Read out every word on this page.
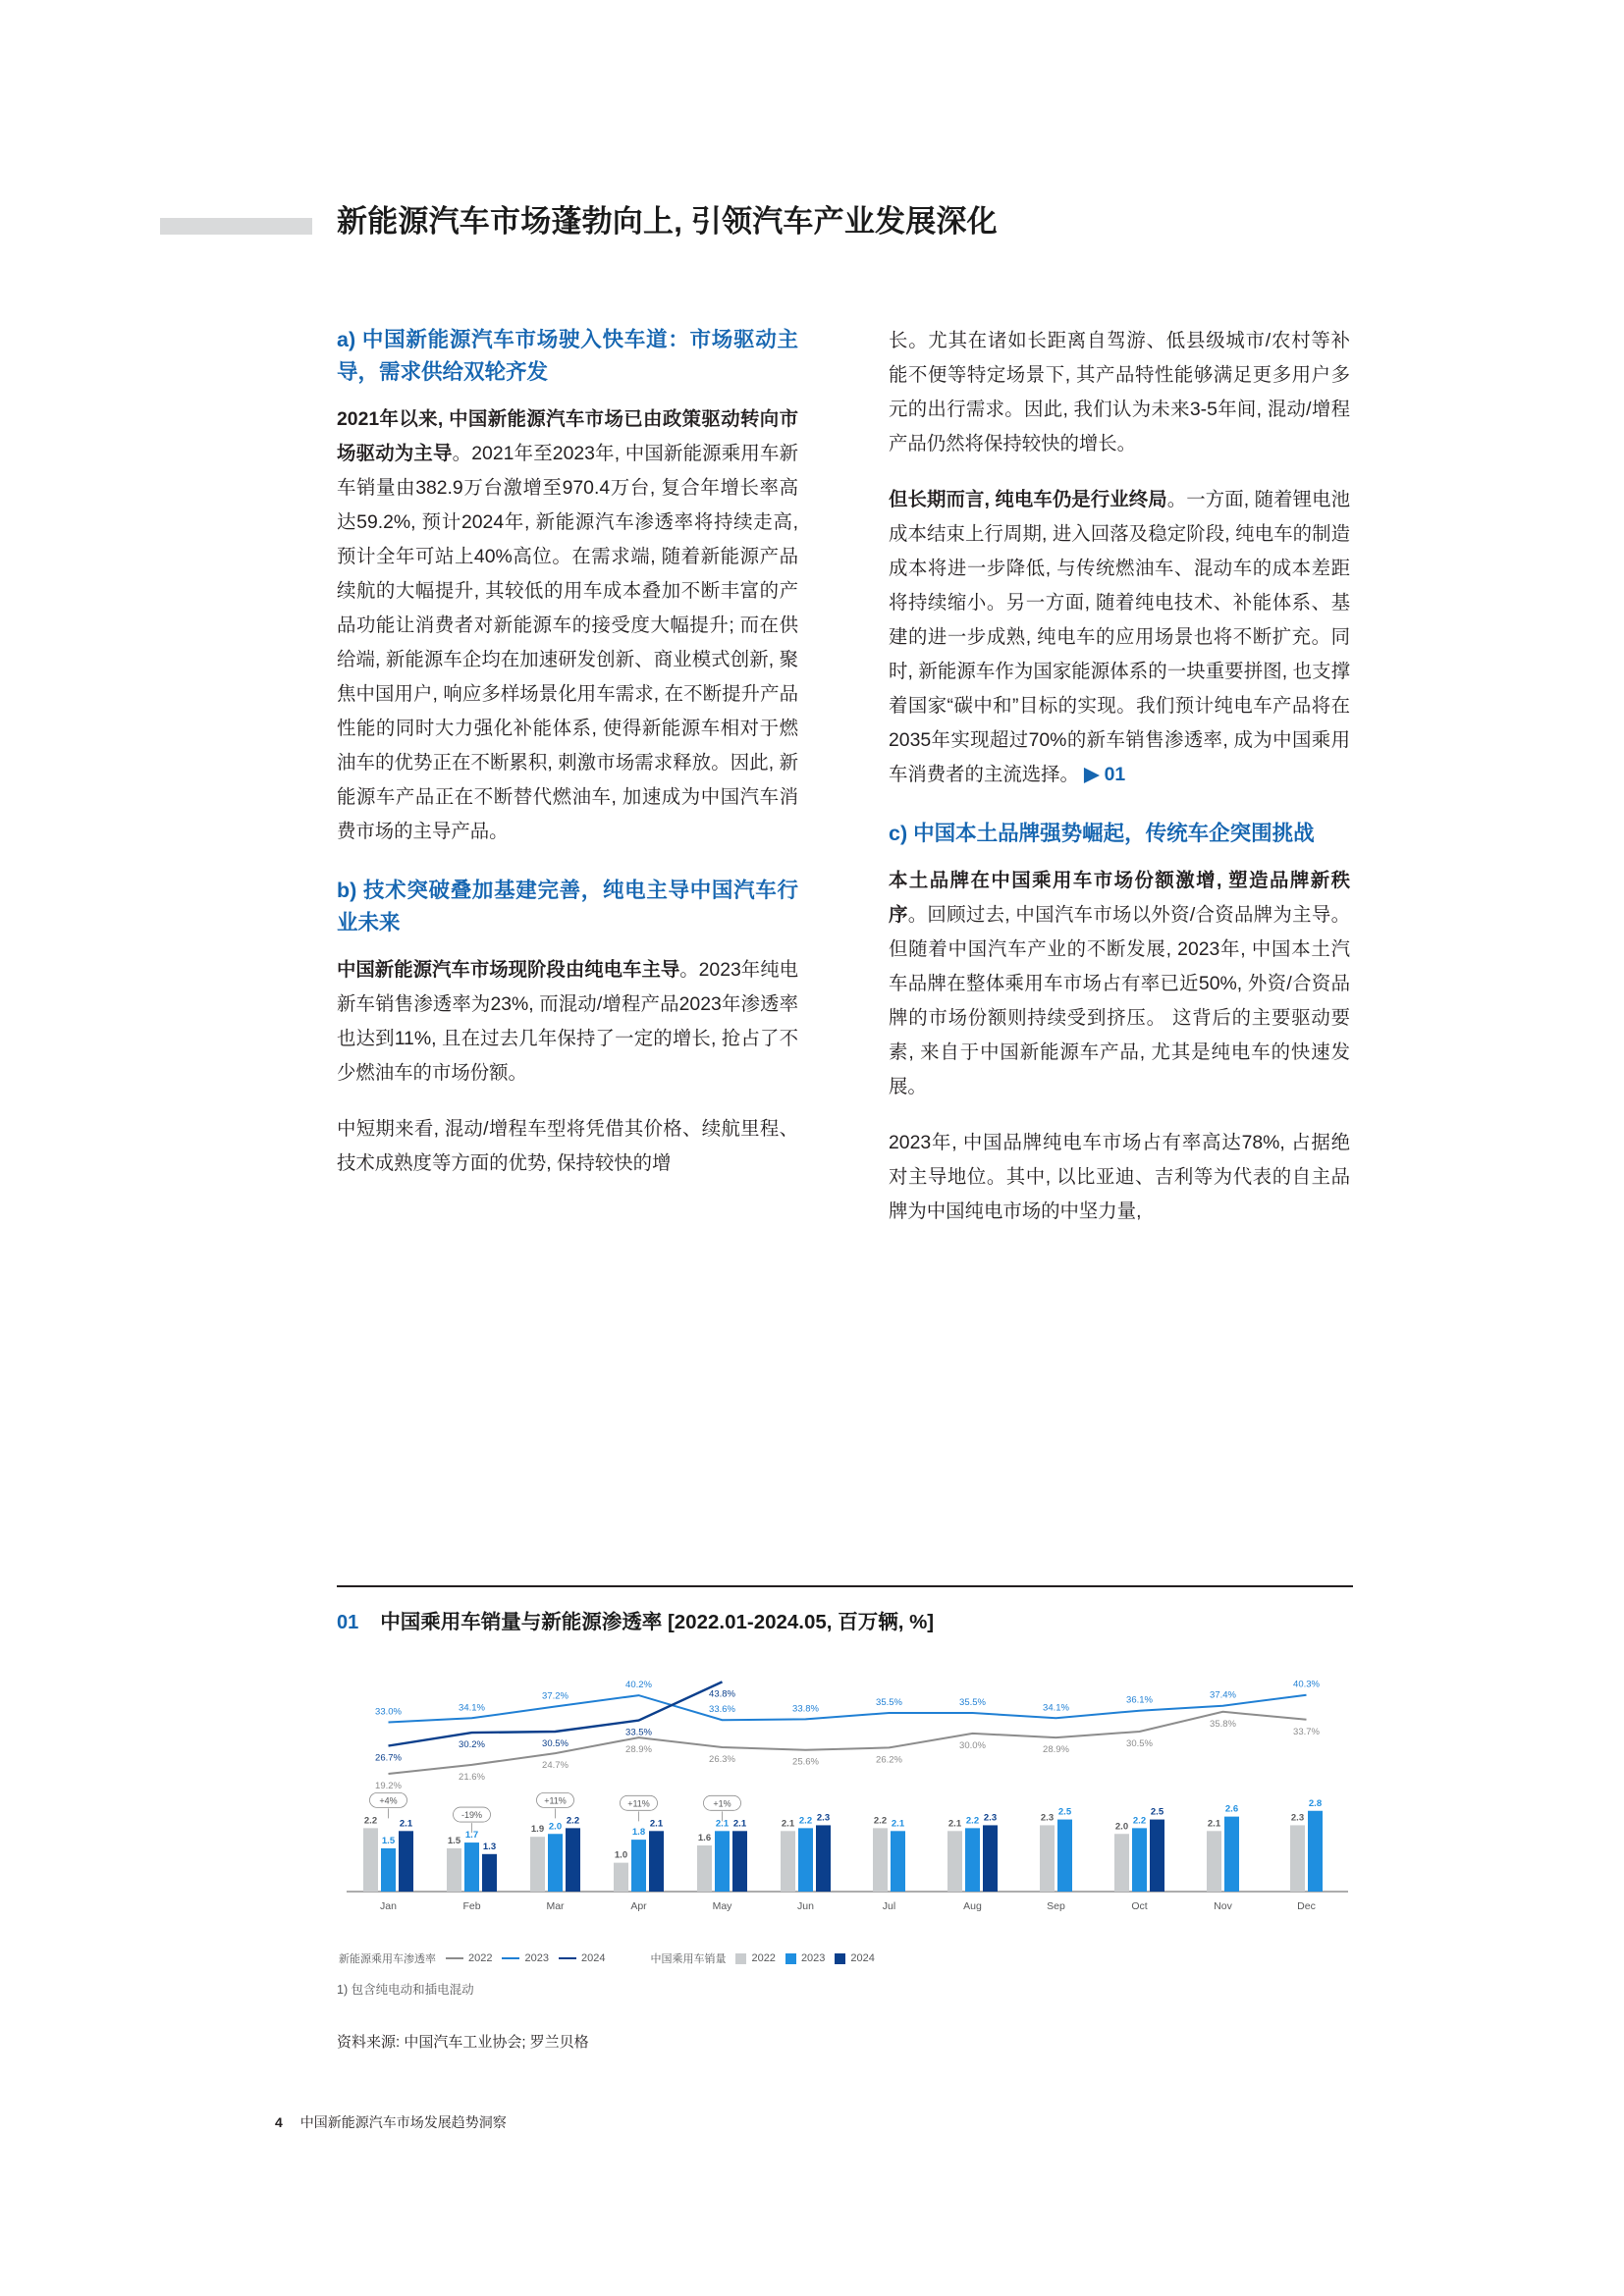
新能源汽车市场蓬勃向上, 引领汽车产业发展深化
a) 中国新能源汽车市场驶入快车道：市场驱动主导，需求供给双轮齐发

2021年以来, 中国新能源汽车市场已由政策驱动转向市场驱动为主导。2021年至2023年, 中国新能源乘用车新车销量由382.9万台激增至970.4万台, 复合年增长率高达59.2%, 预计2024年, 新能源汽车渗透率将持续走高, 预计全年可站上40%高位。在需求端, 随着新能源产品续航的大幅提升, 其较低的用车成本叠加不断丰富的产品功能让消费者对新能源车的接受度大幅提升; 而在供给端, 新能源车企均在加速研发创新、商业模式创新, 聚焦中国用户, 响应多样场景化用车需求, 在不断提升产品性能的同时大力强化补能体系, 使得新能源车相对于燃油车的优势正在不断累积, 刺激市场需求释放。因此, 新能源车产品正在不断替代燃油车, 加速成为中国汽车消费市场的主导产品。

b) 技术突破叠加基建完善，纯电主导中国汽车行业未来

中国新能源汽车市场现阶段由纯电车主导。2023年纯电新车销售渗透率为23%, 而混动/增程产品2023年渗透率也达到11%, 且在过去几年保持了一定的增长, 抢占了不少燃油车的市场份额。

中短期来看, 混动/增程车型将凭借其价格、续航里程、技术成熟度等方面的优势, 保持较快的增

长。尤其在诸如长距离自驾游、低县级城市/农村等补能不便等特定场景下, 其产品特性能够满足更多用户多元的出行需求。因此, 我们认为未来3-5年间, 混动/增程产品仍然将保持较快的增长。

但长期而言, 纯电车仍是行业终局。一方面, 随着锂电池成本结束上行周期, 进入回落及稳定阶段, 纯电车的制造成本将进一步降低, 与传统燃油车、混动车的成本差距将持续缩小。另一方面, 随着纯电技术、补能体系、基建的进一步成熟, 纯电车的应用场景也将不断扩充。同时, 新能源车作为国家能源体系的一块重要拼图, 也支撑着国家“碳中和”目标的实现。我们预计纯电车产品将在2035年实现超过70%的新车销售渗透率, 成为中国乘用车消费者的主流选择。 ▶ 01

c) 中国本土品牌强势崛起，传统车企突围挑战

本土品牌在中国乘用车市场份额激增, 塑造品牌新秩序。回顾过去, 中国汽车市场以外资/合资品牌为主导。但随着中国汽车产业的不断发展, 2023年, 中国本土汽车品牌在整体乘用车市场占有率已近50%, 外资/合资品牌的市场份额则持续受到挤压。 这背后的主要驱动要素, 来自于中国新能源车产品, 尤其是纯电车的快速发展。

2023年, 中国品牌纯电车市场占有率高达78%, 占据绝对主导地位。其中, 以比亚迪、吉利等为代表的自主品牌为中国纯电市场的中坚力量,

01 中国乘用车销量与新能源渗透率 [2022.01-2024.05, 百万辆, %]
19.2%
21.6%
24.7%
28.9%
26.3%	25.6%	26.2%
30.0%	28.9%
30.5%
35.8%
33.7%
33.0%	34.1%
37.2%
40.2%
33.6%	33.8%
35.5%	35.5%	34.1%
36.1%	37.4%
40.3%
26.7%
30.2%	30.5%
33.5%
43.8%
2.2
1.5
2.1
+4%
Jan
1.5
1.7
1.3
-19%
Feb
1.9 2.0
2.2
+11%
Mar
1.0
1.8
2.1
+11%
Apr
1.6
2.1 2.1
+1%
May
2.1 2.2 2.3
Jun
2.2 2.1
Jul
2.1 2.2 2.3
Aug
2.3
2.5
Sep
2.0
2.2
2.5
Oct
2.1
2.6
Nov
2.3
2.8
Dec
新能源乘用车渗透率	2022	2023	2024	中国乘用车销量 2022 2023 2024
1) 包含纯电动和插电混动
资料来源: 中国汽车工业协会; 罗兰贝格
4 中国新能源汽车市场发展趋势洞察
